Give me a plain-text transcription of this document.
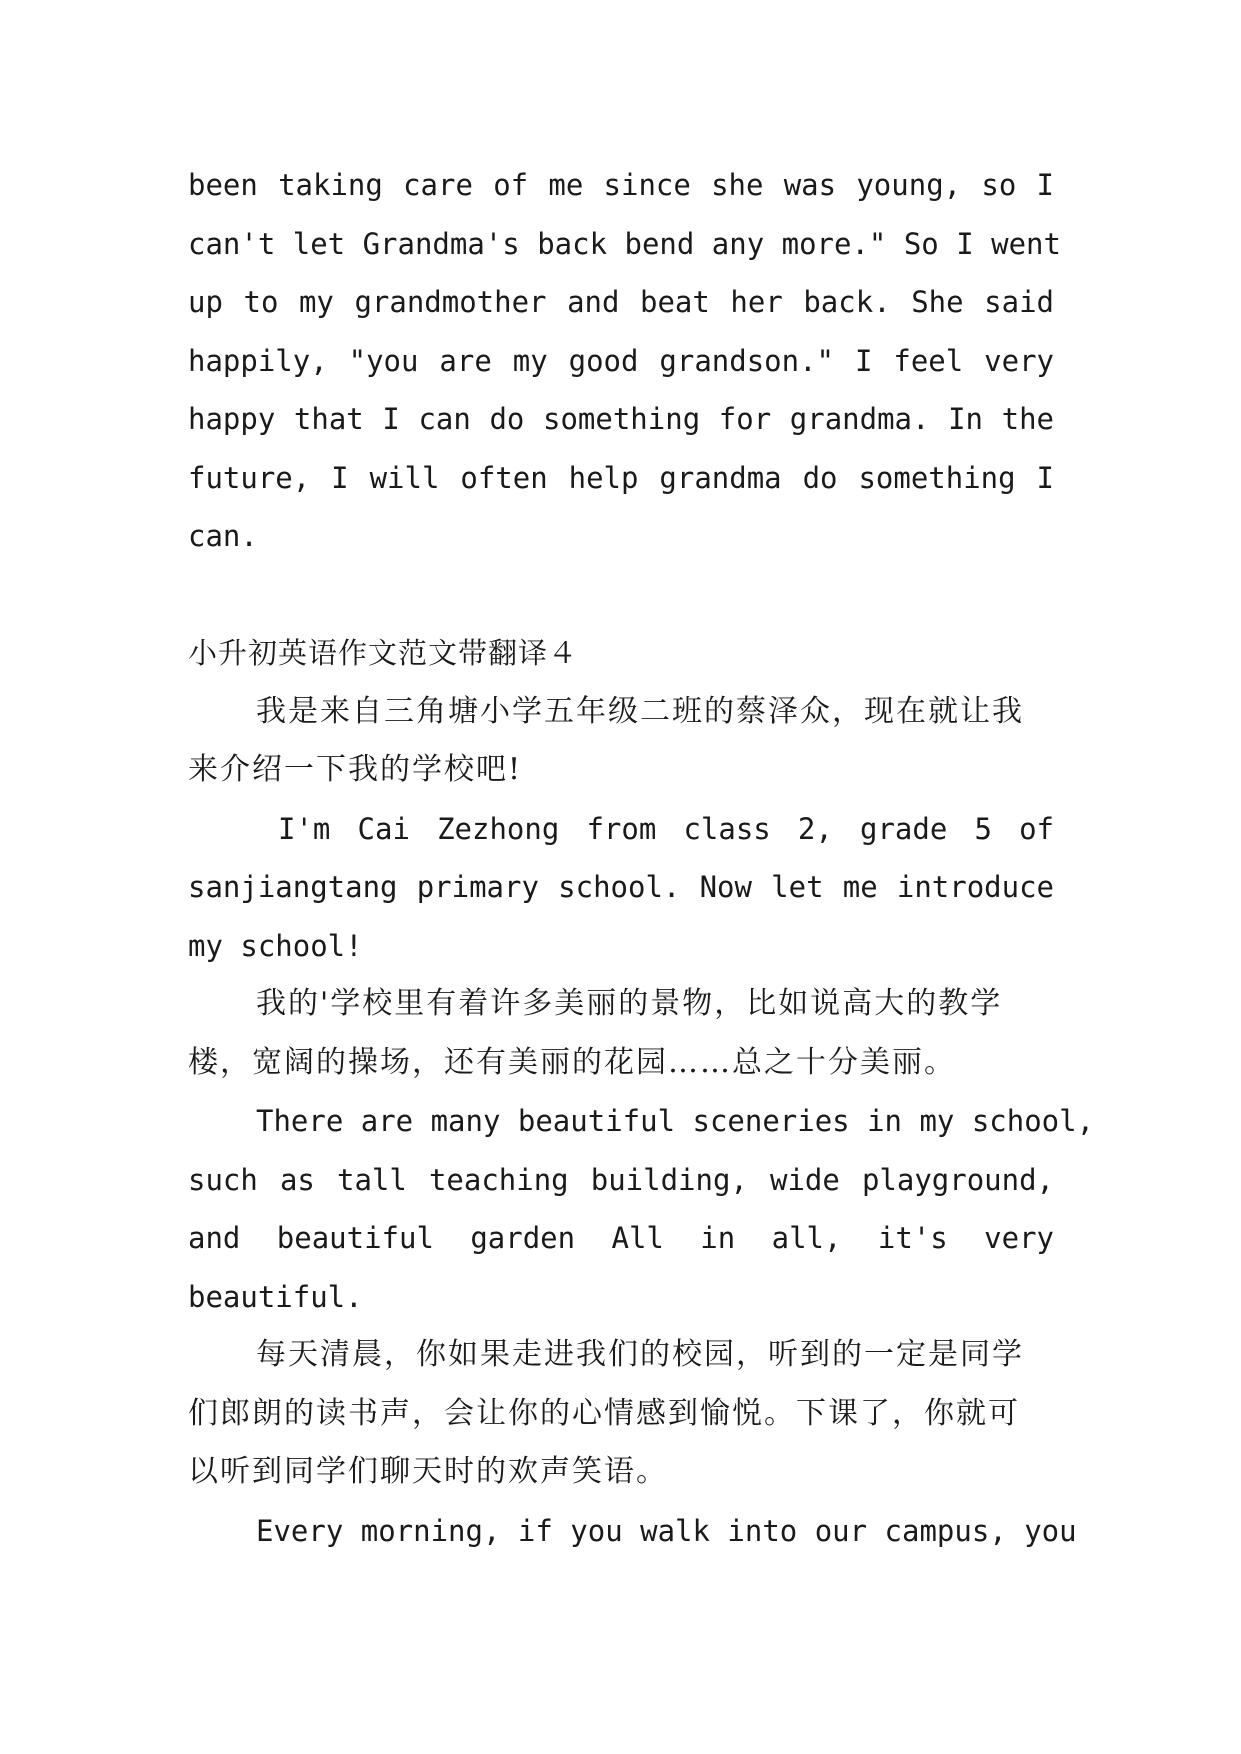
been taking care of me since she was young, so I
can't let Grandma's back bend any more." So I went
up to my grandmother and beat her back. She said
happily, "you are my good grandson." I feel very
happy that I can do something for grandma. In the
future, I will often help grandma do something I
can.
小升初英语作文范文带翻译４
我是来自三角塘小学五年级二班的蔡泽众，现在就让我
来介绍一下我的学校吧!
I'm Cai Zezhong from class 2, grade 5 of
sanjiangtang primary school. Now let me introduce
my school!
我的'学校里有着许多美丽的景物，比如说高大的教学
楼，宽阔的操场，还有美丽的花园……总之十分美丽。
There are many beautiful sceneries in my school,
such as tall teaching building, wide playground,
and beautiful garden All in all, it's very
beautiful.
每天清晨，你如果走进我们的校园，听到的一定是同学
们郎朗的读书声，会让你的心情感到愉悦。下课了，你就可
以听到同学们聊天时的欢声笑语。
Every morning, if you walk into our campus, you
